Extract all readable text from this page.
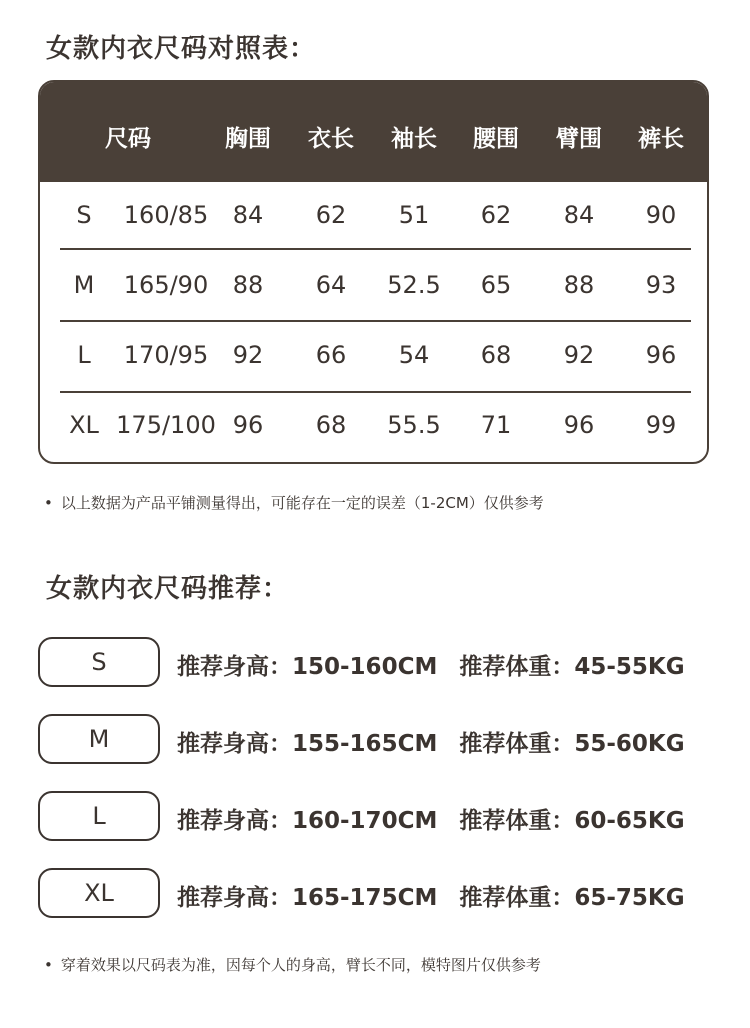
女款内衣尺码对照表：
尺码	胸围 衣长 袖长 腰围 臂围 裤长
S 160/85 84 62 51 62 84 90
M 165/90 88 64 52.5 65 88 93
L 170/95 92 66 54 68 92 96
XL 175/100 96 68 55.5 71 96 99
• 以上数据为产品平铺测量得出，可能存在一定的误差（1-2CM）仅供参考
女款内衣尺码推荐：
S	推荐身高：150-160CM 推荐体重：45-55KG
M	推荐身高：155-165CM 推荐体重：55-60KG
L	推荐身高：160-170CM 推荐体重：60-65KG
XL	推荐身高：165-175CM 推荐体重：65-75KG
• 穿着效果以尺码表为准，因每个人的身高，臂长不同，模特图片仅供参考
